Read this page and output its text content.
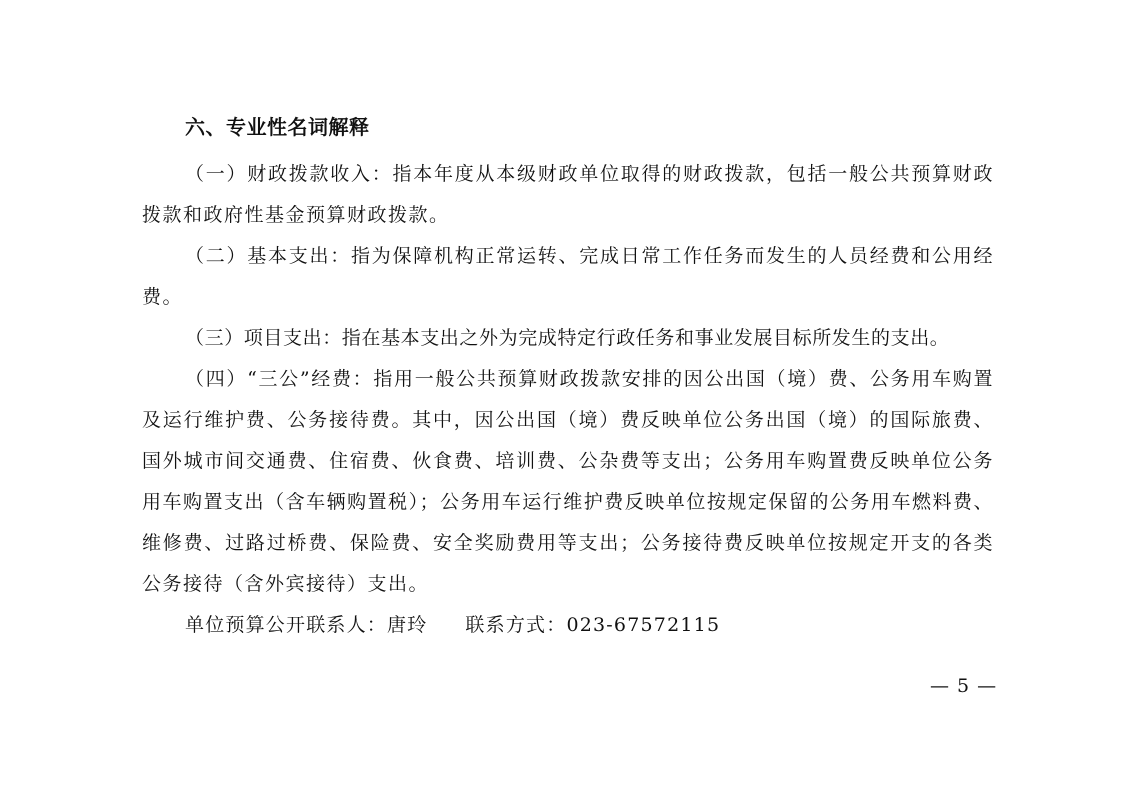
六、专业性名词解释

（一）财政拨款收入：指本年度从本级财政单位取得的财政拨款，包括一般公共预算财政拨款和政府性基金预算财政拨款。

（二）基本支出：指为保障机构正常运转、完成日常工作任务而发生的人员经费和公用经费。

（三）项目支出：指在基本支出之外为完成特定行政任务和事业发展目标所发生的支出。

（四）“三公”经费：指用一般公共预算财政拨款安排的因公出国（境）费、公务用车购置及运行维护费、公务接待费。其中，因公出国（境）费反映单位公务出国（境）的国际旅费、国外城市间交通费、住宿费、伙食费、培训费、公杂费等支出；公务用车购置费反映单位公务用车购置支出（含车辆购置税）；公务用车运行维护费反映单位按规定保留的公务用车燃料费、维修费、过路过桥费、保险费、安全奖励费用等支出；公务接待费反映单位按规定开支的各类公务接待（含外宾接待）支出。

单位预算公开联系人：唐玲 联系方式：023-67572115

— 5 —
